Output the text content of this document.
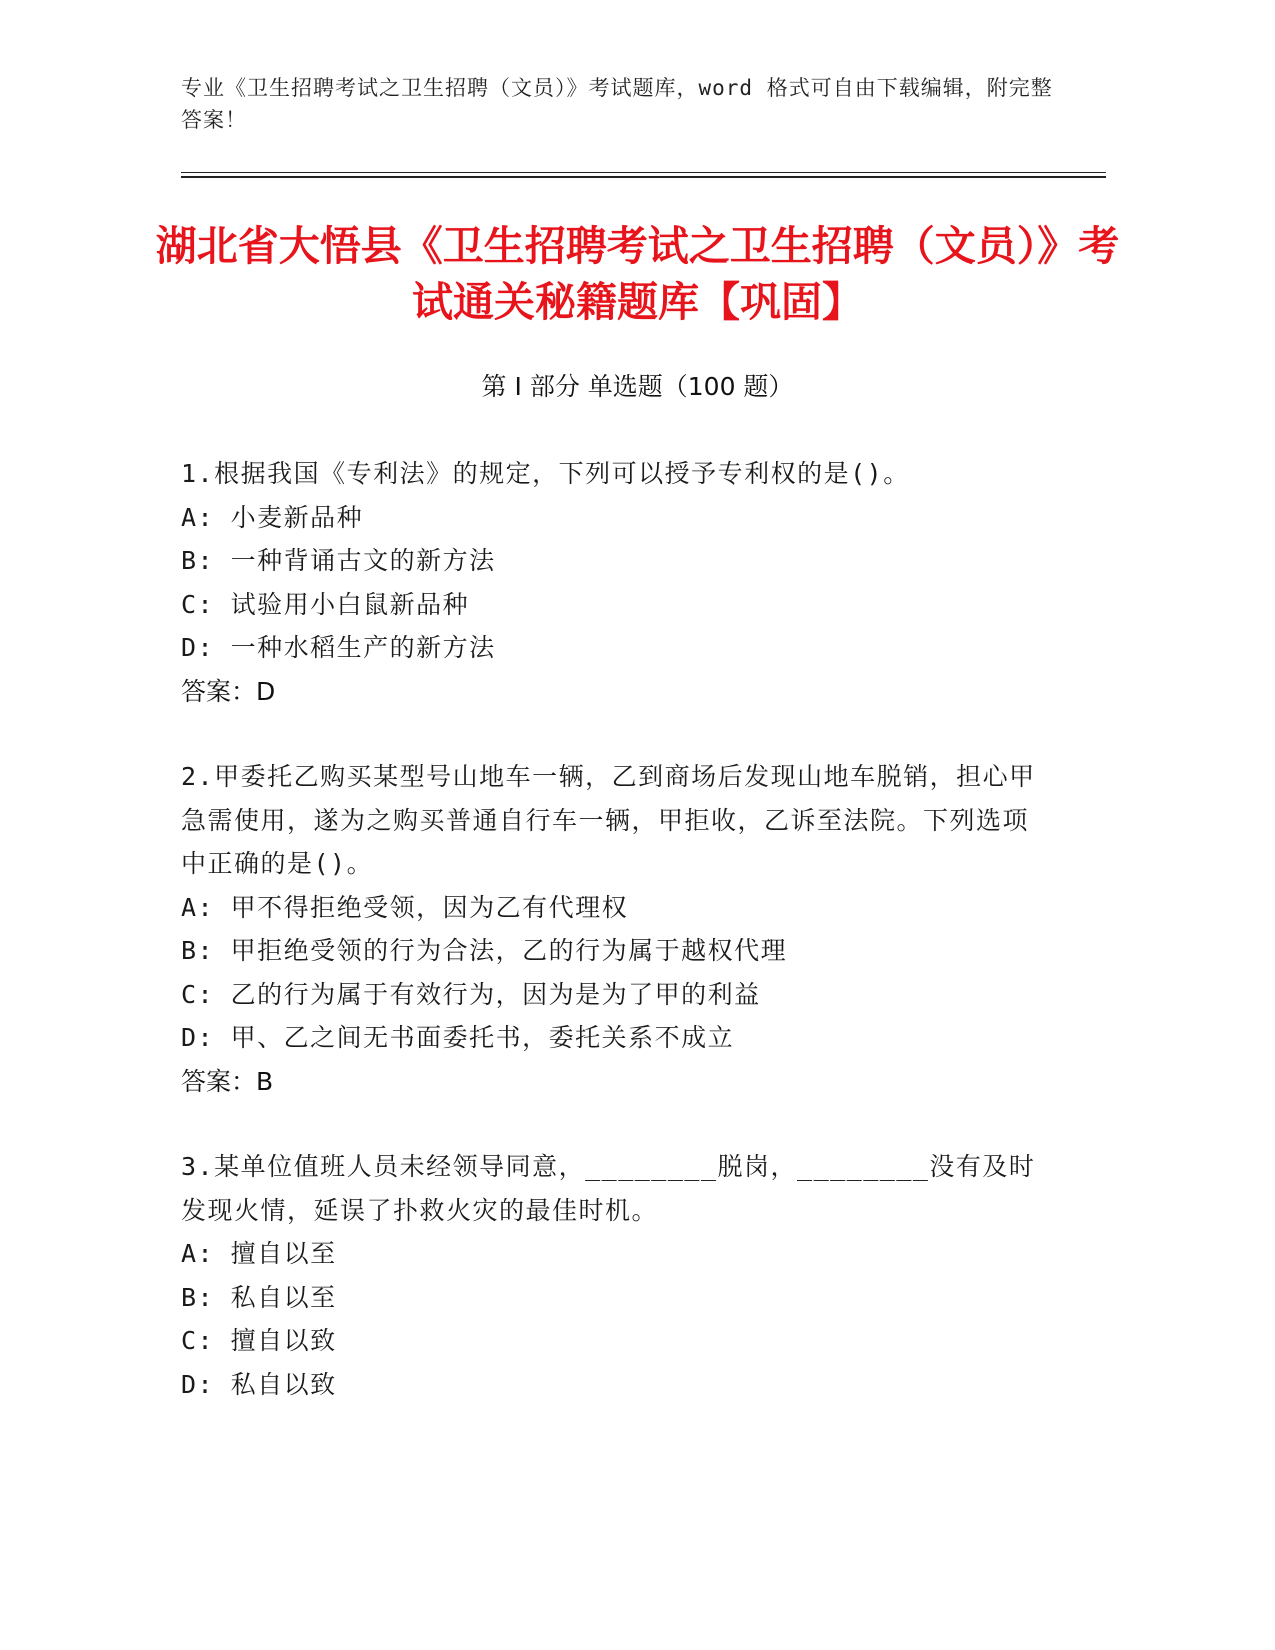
专业《卫生招聘考试之卫生招聘（文员）》考试题库，word 格式可自由下载编辑，附完整答案！
湖北省大悟县《卫生招聘考试之卫生招聘（文员）》考试通关秘籍题库【巩固】
第 I 部分 单选题（100 题）
1.根据我国《专利法》的规定，下列可以授予专利权的是()。
A: 小麦新品种
B: 一种背诵古文的新方法
C: 试验用小白鼠新品种
D: 一种水稻生产的新方法
答案：D
2.甲委托乙购买某型号山地车一辆，乙到商场后发现山地车脱销，担心甲急需使用，遂为之购买普通自行车一辆，甲拒收，乙诉至法院。下列选项中正确的是()。
A: 甲不得拒绝受领，因为乙有代理权
B: 甲拒绝受领的行为合法，乙的行为属于越权代理
C: 乙的行为属于有效行为，因为是为了甲的利益
D: 甲、乙之间无书面委托书，委托关系不成立
答案：B
3.某单位值班人员未经领导同意，________脱岗，________没有及时发现火情，延误了扑救火灾的最佳时机。
A: 擅自以至
B: 私自以至
C: 擅自以致
D: 私自以致
